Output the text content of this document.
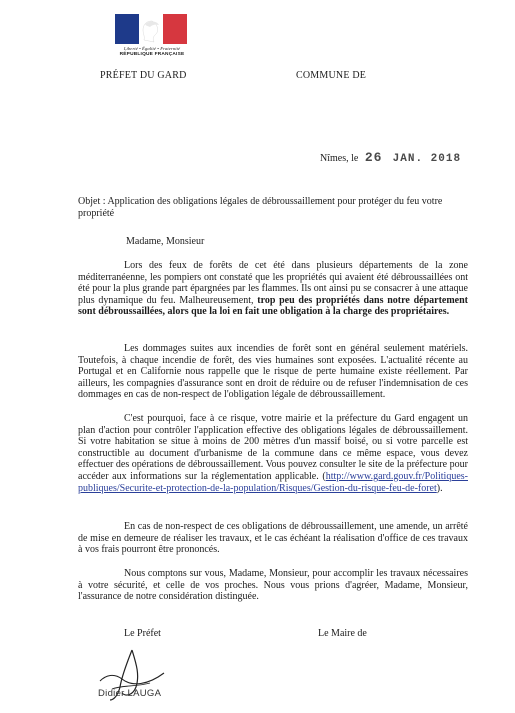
Liberté • Égalité • Fraternité
RÉPUBLIQUE FRANÇAISE
PRÉFET DU GARD	COMMUNE DE
Nîmes, le 26 JAN. 2018
Objet : Application des obligations légales de débroussaillement pour protéger du feu votre propriété
Madame, Monsieur
Lors des feux de forêts de cet été dans plusieurs départements de la zone méditerranéenne, les pompiers ont constaté que les propriétés qui avaient été débroussaillées ont été pour la plus grande part épargnées par les flammes. Ils ont ainsi pu se consacrer à une attaque plus dynamique du feu. Malheureusement, trop peu des propriétés dans notre département sont débroussaillées, alors que la loi en fait une obligation à la charge des propriétaires.
Les dommages suites aux incendies de forêt sont en général seulement matériels. Toutefois, à chaque incendie de forêt, des vies humaines sont exposées. L'actualité récente au Portugal et en Californie nous rappelle que le risque de perte humaine existe réellement. Par ailleurs, les compagnies d'assurance sont en droit de réduire ou de refuser l'indemnisation de ces dommages en cas de non-respect de l'obligation légale de débroussaillement.
C'est pourquoi, face à ce risque, votre mairie et la préfecture du Gard engagent un plan d'action pour contrôler l'application effective des obligations légales de débroussaillement. Si votre habitation se situe à moins de 200 mètres d'un massif boisé, ou si votre parcelle est constructible au document d'urbanisme de la commune dans ce même espace, vous devez effectuer des opérations de débroussaillement. Vous pouvez consulter le site de la préfecture pour accéder aux informations sur la réglementation applicable. (http://www.gard.gouv.fr/Politiques-publiques/Securite-et-protection-de-la-population/Risques/Gestion-du-risque-feu-de-foret).
En cas de non-respect de ces obligations de débroussaillement, une amende, un arrêté de mise en demeure de réaliser les travaux, et le cas échéant la réalisation d'office de ces travaux à vos frais pourront être prononcés.
Nous comptons sur vous, Madame, Monsieur, pour accomplir les travaux nécessaires à votre sécurité, et celle de vos proches. Nous vous prions d'agréer, Madame, Monsieur, l'assurance de notre considération distinguée.
Le Préfet	Le Maire de
Didier LAUGA
